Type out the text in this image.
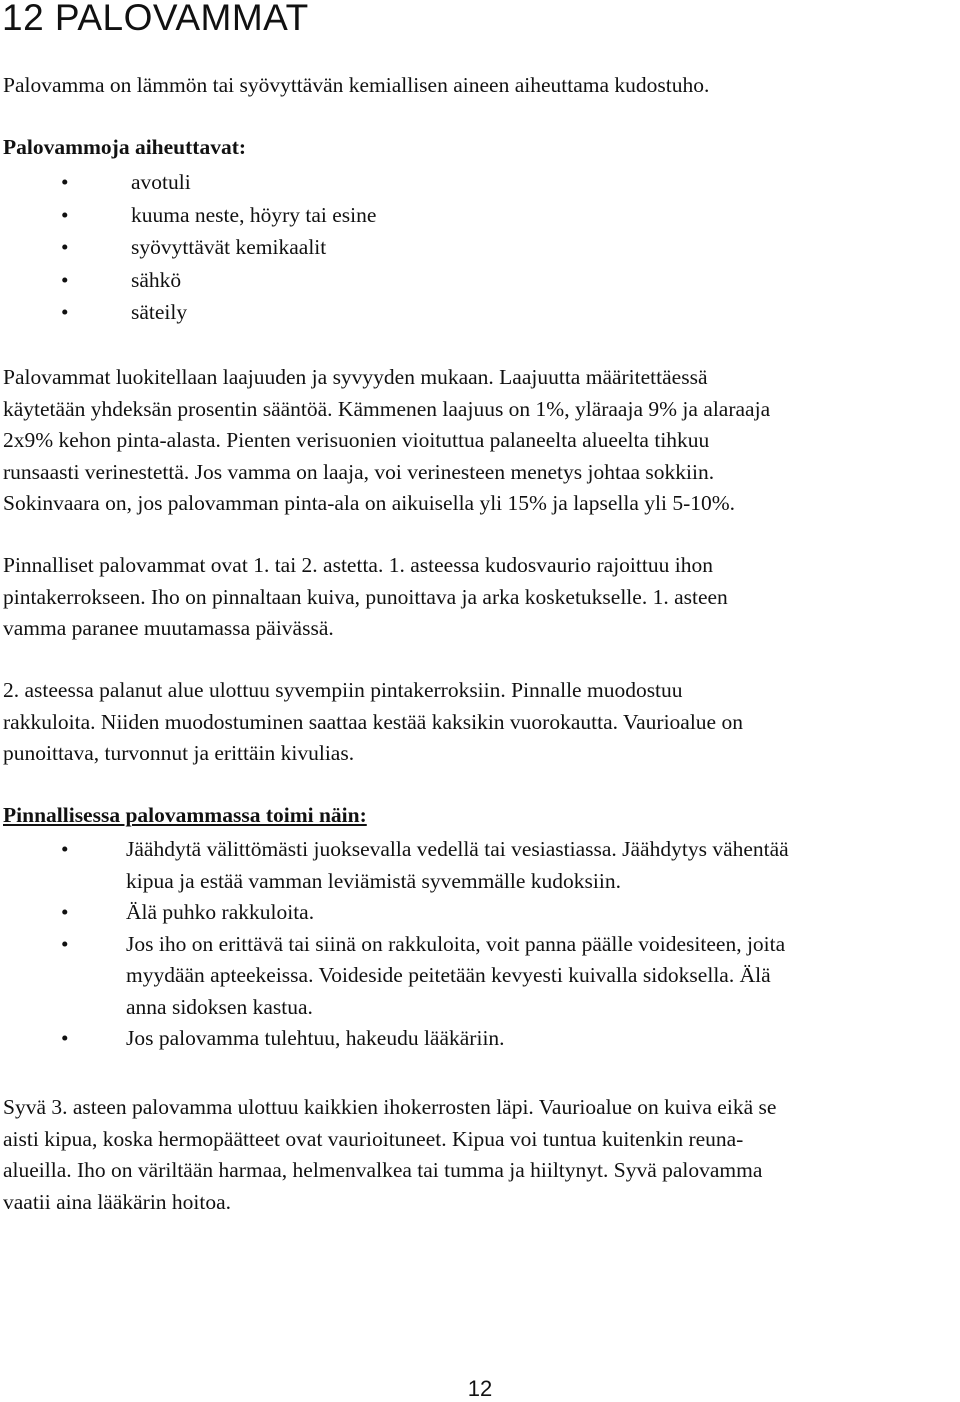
12 PALOVAMMAT

Palovamma on lämmön tai syövyttävän kemiallisen aineen aiheuttama kudostuho.

Palovammoja aiheuttavat:

•	avotuli
•	kuuma neste, höyry tai esine
•	syövyttävät kemikaalit
•	sähkö
•	säteily

Palovammat luokitellaan laajuuden ja syvyyden mukaan. Laajuutta määritettäessä
käytetään yhdeksän prosentin sääntöä. Kämmenen laajuus on 1%, yläraaja 9% ja alaraaja
2x9% kehon pinta-alasta. Pienten verisuonien vioituttua palaneelta alueelta tihkuu
runsaasti verinestettä. Jos vamma on laaja, voi verinesteen menetys johtaa sokkiin.
Sokinvaara on, jos palovamman pinta-ala on aikuisella yli 15% ja lapsella yli 5-10%.

Pinnalliset palovammat ovat 1. tai 2. astetta. 1. asteessa kudosvaurio rajoittuu ihon
pintakerrokseen. Iho on pinnaltaan kuiva, punoittava ja arka kosketukselle. 1. asteen
vamma paranee muutamassa päivässä.

2. asteessa palanut alue ulottuu syvempiin pintakerroksiin. Pinnalle muodostuu
rakkuloita. Niiden muodostuminen saattaa kestää kaksikin vuorokautta. Vaurioalue on
punoittava, turvonnut ja erittäin kivulias.

Pinnallisessa palovammassa toimi näin:

•	Jäähdytä välittömästi juoksevalla vedellä tai vesiastiassa. Jäähdytys vähentää
kipua ja estää vamman leviämistä syvemmälle kudoksiin.
•	Älä puhko rakkuloita.
•	Jos iho on erittävä tai siinä on rakkuloita, voit panna päälle voidesiteen, joita
myydään apteekeissa. Voideside peitetään kevyesti kuivalla sidoksella. Älä
anna sidoksen kastua.
•	Jos palovamma tulehtuu, hakeudu lääkäriin.

Syvä 3. asteen palovamma ulottuu kaikkien ihokerrosten läpi. Vaurioalue on kuiva eikä se
aisti kipua, koska hermopäätteet ovat vaurioituneet. Kipua voi tuntua kuitenkin reuna-
alueilla. Iho on väriltään harmaa, helmenvalkea tai tumma ja hiiltynyt. Syvä palovamma
vaatii aina lääkärin hoitoa.

12
